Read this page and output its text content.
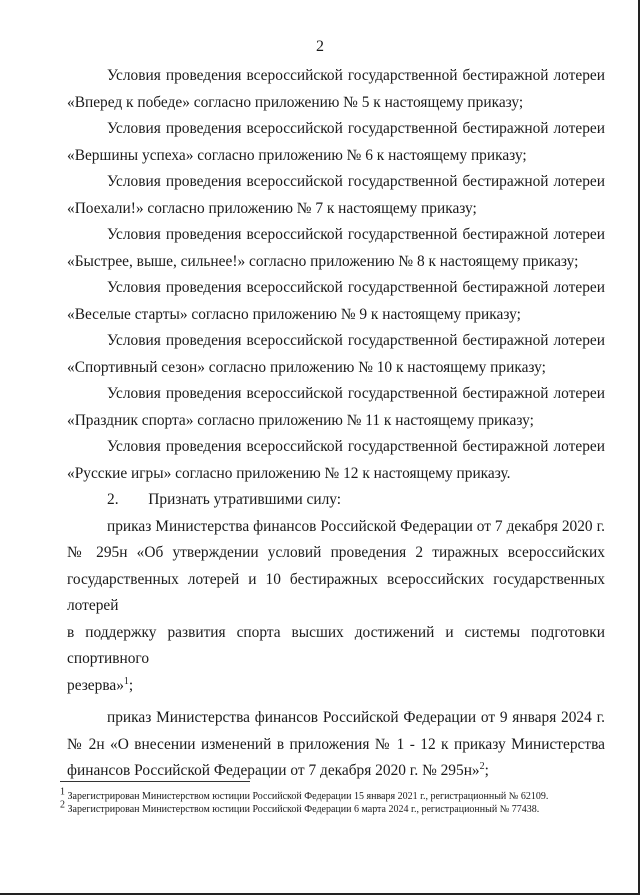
2

Условия проведения всероссийской государственной бестиражной лотереи
«Вперед к победе» согласно приложению № 5 к настоящему приказу;

Условия проведения всероссийской государственной бестиражной лотереи
«Вершины успеха» согласно приложению № 6 к настоящему приказу;

Условия проведения всероссийской государственной бестиражной лотереи
«Поехали!» согласно приложению № 7 к настоящему приказу;

Условия проведения всероссийской государственной бестиражной лотереи
«Быстрее, выше, сильнее!» согласно приложению № 8 к настоящему приказу;

Условия проведения всероссийской государственной бестиражной лотереи
«Веселые старты» согласно приложению № 9 к настоящему приказу;

Условия проведения всероссийской государственной бестиражной лотереи
«Спортивный сезон» согласно приложению № 10 к настоящему приказу;

Условия проведения всероссийской государственной бестиражной лотереи
«Праздник спорта» согласно приложению № 11 к настоящему приказу;

Условия проведения всероссийской государственной бестиражной лотереи
«Русские игры» согласно приложению № 12 к настоящему приказу.

2. Признать утратившими силу:

приказ Министерства финансов Российской Федерации от 7 декабря 2020 г.
№ 295н «Об утверждении условий проведения 2 тиражных всероссийских
государственных лотерей и 10 бестиражных всероссийских государственных лотерей
в поддержку развития спорта высших достижений и системы подготовки спортивного
резерва»$^1$;

приказ Министерства финансов Российской Федерации от 9 января 2024 г.
№ 2н «О внесении изменений в приложения № 1 - 12 к приказу Министерства
финансов Российской Федерации от 7 декабря 2020 г. № 295н»$^2$;

$^1$ Зарегистрирован Министерством юстиции Российской Федерации 15 января 2021 г., регистрационный № 62109.
$^2$ Зарегистрирован Министерством юстиции Российской Федерации 6 марта 2024 г., регистрационный № 77438.
